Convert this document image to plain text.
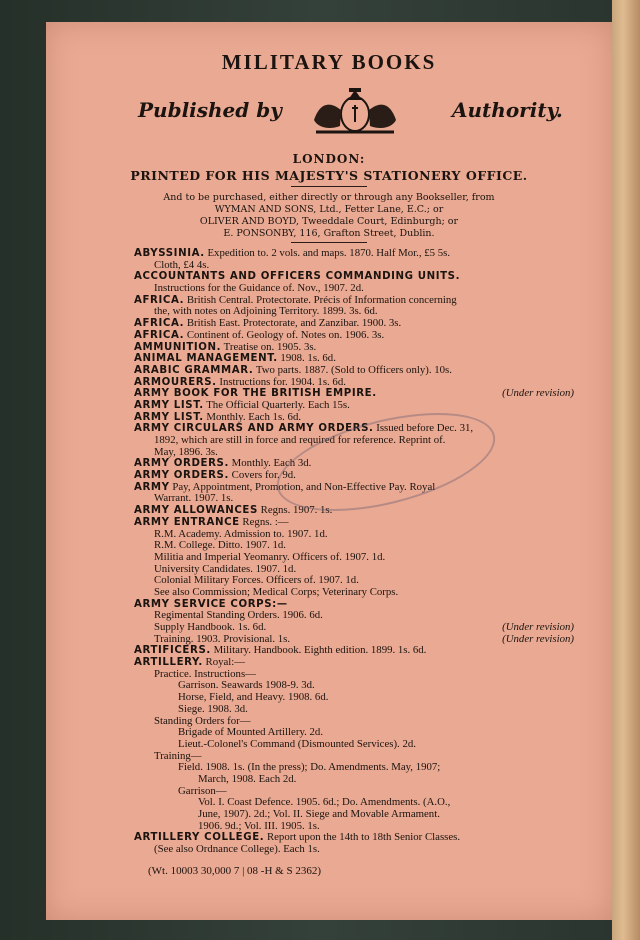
MILITARY BOOKS
Published by	Authority.
LONDON:
PRINTED FOR HIS MAJESTY'S STATIONERY OFFICE.
And to be purchased, either directly or through any Bookseller, from
WYMAN AND SONS, Ltd., Fetter Lane, E.C.; or
OLIVER AND BOYD, Tweeddale Court, Edinburgh; or
E. PONSONBY, 116, Grafton Street, Dublin.
ABYSSINIA. Expedition to. 2 vols. and maps. 1870. Half Mor., £5 5s.
Cloth, £4 4s.
ACCOUNTANTS AND OFFICERS COMMANDING UNITS.
Instructions for the Guidance of. Nov., 1907. 2d.
AFRICA. British Central. Protectorate. Précis of Information concerning
the, with notes on Adjoining Territory. 1899. 3s. 6d.
AFRICA. British East. Protectorate, and Zanzibar. 1900. 3s.
AFRICA. Continent of. Geology of. Notes on. 1906. 3s.
AMMUNITION. Treatise on. 1905. 3s.
ANIMAL MANAGEMENT. 1908. 1s. 6d.
ARABIC GRAMMAR. Two parts. 1887. (Sold to Officers only). 10s.
ARMOURERS. Instructions for. 1904. 1s. 6d.
ARMY BOOK FOR THE BRITISH EMPIRE.	(Under revision)
ARMY LIST. The Official Quarterly. Each 15s.
ARMY LIST. Monthly. Each 1s. 6d.
ARMY CIRCULARS AND ARMY ORDERS. Issued before Dec. 31,
1892, which are still in force and required for reference. Reprint of.
May, 1896. 3s.
ARMY ORDERS. Monthly. Each 3d.
ARMY ORDERS. Covers for. 9d.
ARMY Pay, Appointment, Promotion, and Non-Effective Pay. Royal
Warrant. 1907. 1s.
ARMY ALLOWANCES Regns. 1907. 1s.
ARMY ENTRANCE Regns. :—
R.M. Academy. Admission to. 1907. 1d.
R.M. College. Ditto. 1907. 1d.
Militia and Imperial Yeomanry. Officers of. 1907. 1d.
University Candidates. 1907. 1d.
Colonial Military Forces. Officers of. 1907. 1d.
See also Commission; Medical Corps; Veterinary Corps.
ARMY SERVICE CORPS:—
Regimental Standing Orders. 1906. 6d.
Supply Handbook. 1s. 6d.	(Under revision)
Training. 1903. Provisional. 1s.	(Under revision)
ARTIFICERS. Military. Handbook. Eighth edition. 1899. 1s. 6d.
ARTILLERY. Royal:—
Practice. Instructions—
Garrison. Seawards 1908-9. 3d.
Horse, Field, and Heavy. 1908. 6d.
Siege. 1908. 3d.
Standing Orders for—
Brigade of Mounted Artillery. 2d.
Lieut.-Colonel's Command (Dismounted Services). 2d.
Training—
Field. 1908. 1s. (In the press); Do. Amendments. May, 1907;
March, 1908. Each 2d.
Garrison—
Vol. I. Coast Defence. 1905. 6d.; Do. Amendments. (A.O.,
June, 1907). 2d.; Vol. II. Siege and Movable Armament.
1906. 9d.; Vol. III. 1905. 1s.
ARTILLERY COLLEGE. Report upon the 14th to 18th Senior Classes.
(See also Ordnance College). Each 1s.
(Wt. 10003 30,000 7 | 08 -H & S 2362)
